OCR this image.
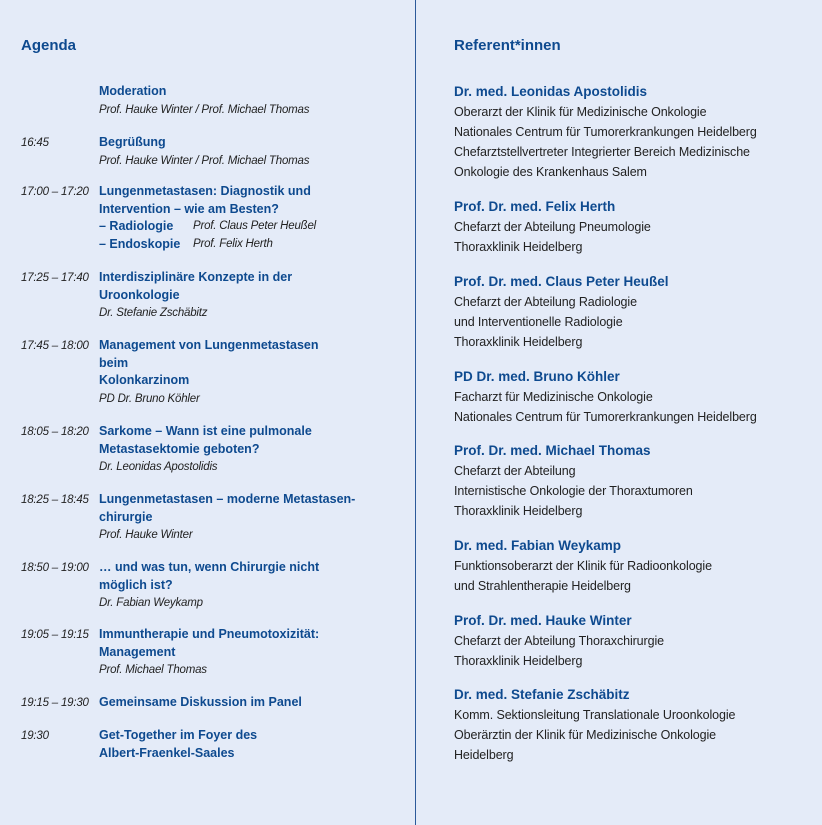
Agenda
Moderation
Prof. Hauke Winter / Prof. Michael Thomas
16:45	Begrüßung
Prof. Hauke Winter / Prof. Michael Thomas
17:00 – 17:20 Lungenmetastasen: Diagnostik und
Intervention – wie am Besten?
– Radiologie	Prof. Claus Peter Heußel
– Endoskopie	Prof. Felix Herth
17:25 – 17:40 Interdisziplinäre Konzepte in der
Uroonkologie
Dr. Stefanie Zschäbitz
17:45 – 18:00 Management von Lungenmetastasen
beim
Kolonkarzinom
PD Dr. Bruno Köhler
18:05 – 18:20 Sarkome – Wann ist eine pulmonale
Metastasektomie geboten?
Dr. Leonidas Apostolidis
18:25 – 18:45 Lungenmetastasen – moderne Metastasen-
chirurgie
Prof. Hauke Winter
18:50 – 19:00 … und was tun, wenn Chirurgie nicht
möglich ist?
Dr. Fabian Weykamp
19:05 – 19:15 Immuntherapie und Pneumotoxizität:
Management
Prof. Michael Thomas
19:15 – 19:30 Gemeinsame Diskussion im Panel
19:30	Get-Together im Foyer des
Albert-Fraenkel-Saales
Referent*innen
Dr. med. Leonidas Apostolidis
Oberarzt der Klinik für Medizinische Onkologie
Nationales Centrum für Tumorerkrankungen Heidelberg
Chefarztstellvertreter Integrierter Bereich Medizinische
Onkologie des Krankenhaus Salem
Prof. Dr. med. Felix Herth
Chefarzt der Abteilung Pneumologie
Thoraxklinik Heidelberg
Prof. Dr. med. Claus Peter Heußel
Chefarzt der Abteilung Radiologie
und Interventionelle Radiologie
Thoraxklinik Heidelberg
PD Dr. med. Bruno Köhler
Facharzt für Medizinische Onkologie
Nationales Centrum für Tumorerkrankungen Heidelberg
Prof. Dr. med. Michael Thomas
Chefarzt der Abteilung
Internistische Onkologie der Thoraxtumoren
Thoraxklinik Heidelberg
Dr. med. Fabian Weykamp
Funktionsoberarzt der Klinik für Radioonkologie
und Strahlentherapie Heidelberg
Prof. Dr. med. Hauke Winter
Chefarzt der Abteilung Thoraxchirurgie
Thoraxklinik Heidelberg
Dr. med. Stefanie Zschäbitz
Komm. Sektionsleitung Translationale Uroonkologie
Oberärztin der Klinik für Medizinische Onkologie
Heidelberg
